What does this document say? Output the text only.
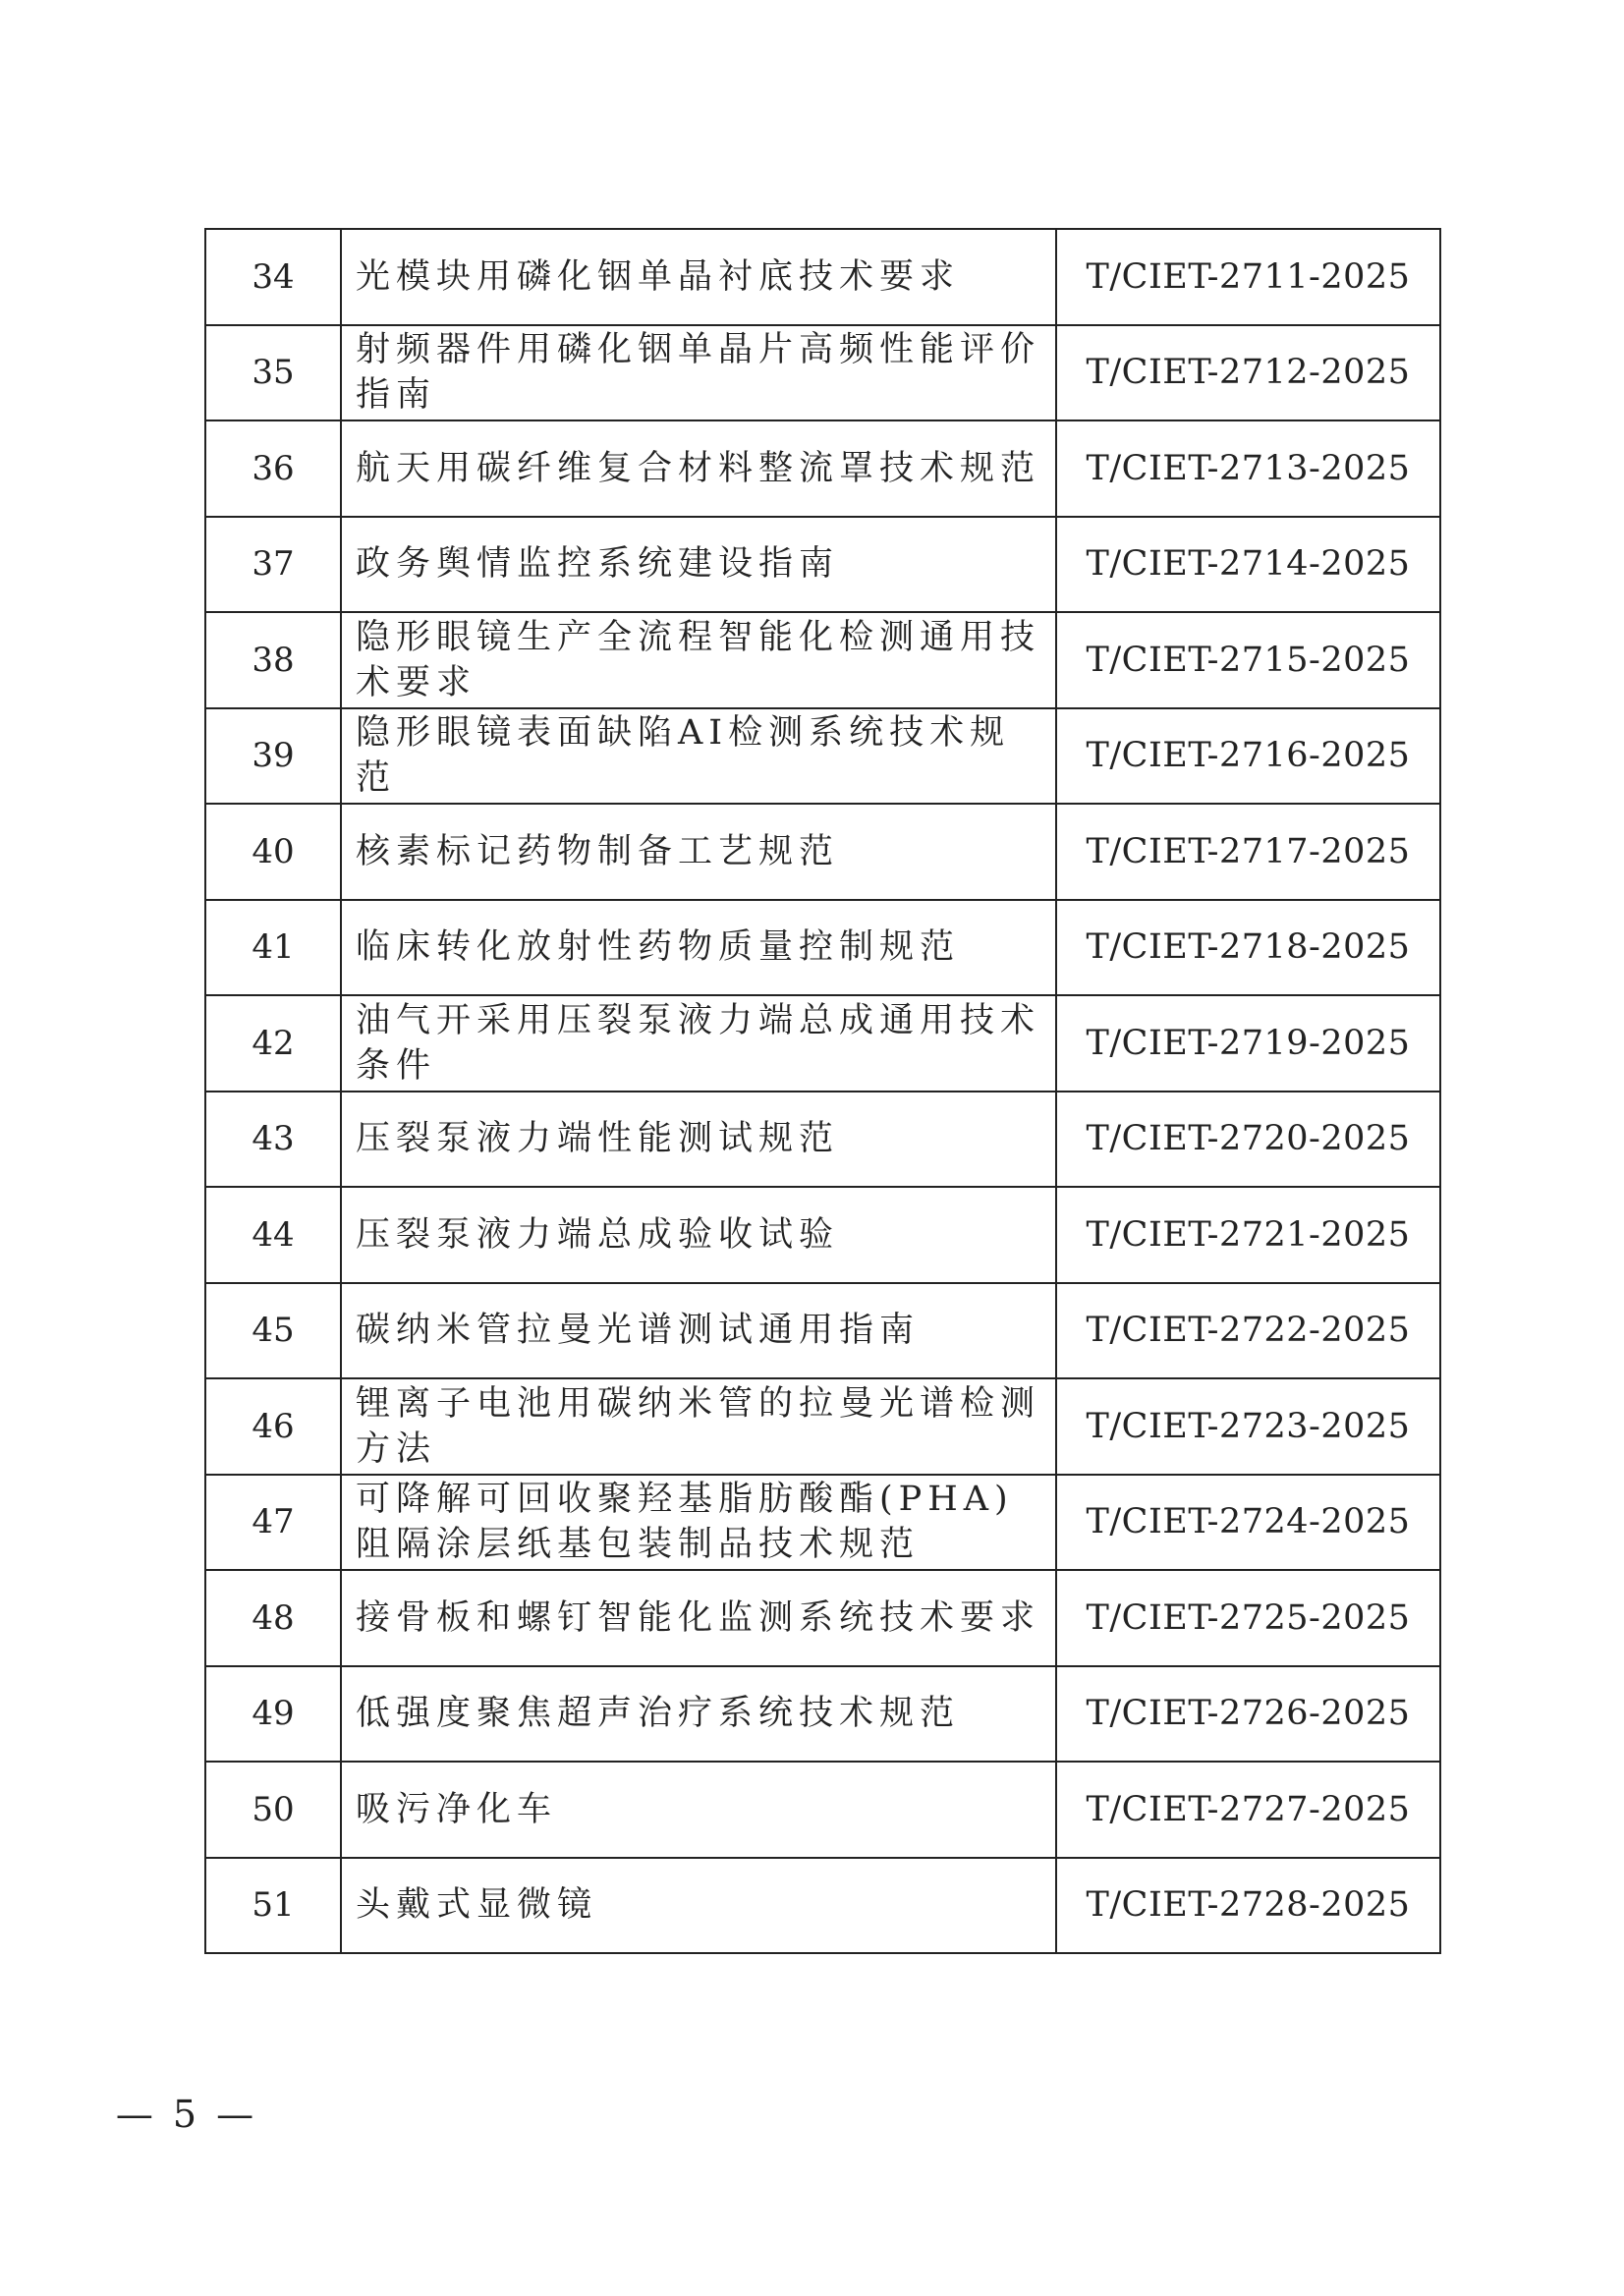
34	光模块用磷化铟单晶衬底技术要求	T/CIET-2711-2025
35	射频器件用磷化铟单晶片高频性能评价指南	T/CIET-2712-2025
36	航天用碳纤维复合材料整流罩技术规范	T/CIET-2713-2025
37	政务舆情监控系统建设指南	T/CIET-2714-2025
38	隐形眼镜生产全流程智能化检测通用技术要求	T/CIET-2715-2025
39	隐形眼镜表面缺陷AI检测系统技术规范	T/CIET-2716-2025
40	核素标记药物制备工艺规范	T/CIET-2717-2025
41	临床转化放射性药物质量控制规范	T/CIET-2718-2025
42	油气开采用压裂泵液力端总成通用技术条件	T/CIET-2719-2025
43	压裂泵液力端性能测试规范	T/CIET-2720-2025
44	压裂泵液力端总成验收试验	T/CIET-2721-2025
45	碳纳米管拉曼光谱测试通用指南	T/CIET-2722-2025
46	锂离子电池用碳纳米管的拉曼光谱检测方法	T/CIET-2723-2025
47	可降解可回收聚羟基脂肪酸酯(PHA)阻隔涂层纸基包装制品技术规范	T/CIET-2724-2025
48	接骨板和螺钉智能化监测系统技术要求	T/CIET-2725-2025
49	低强度聚焦超声治疗系统技术规范	T/CIET-2726-2025
50	吸污净化车	T/CIET-2727-2025
51	头戴式显微镜	T/CIET-2728-2025
— 5 —
